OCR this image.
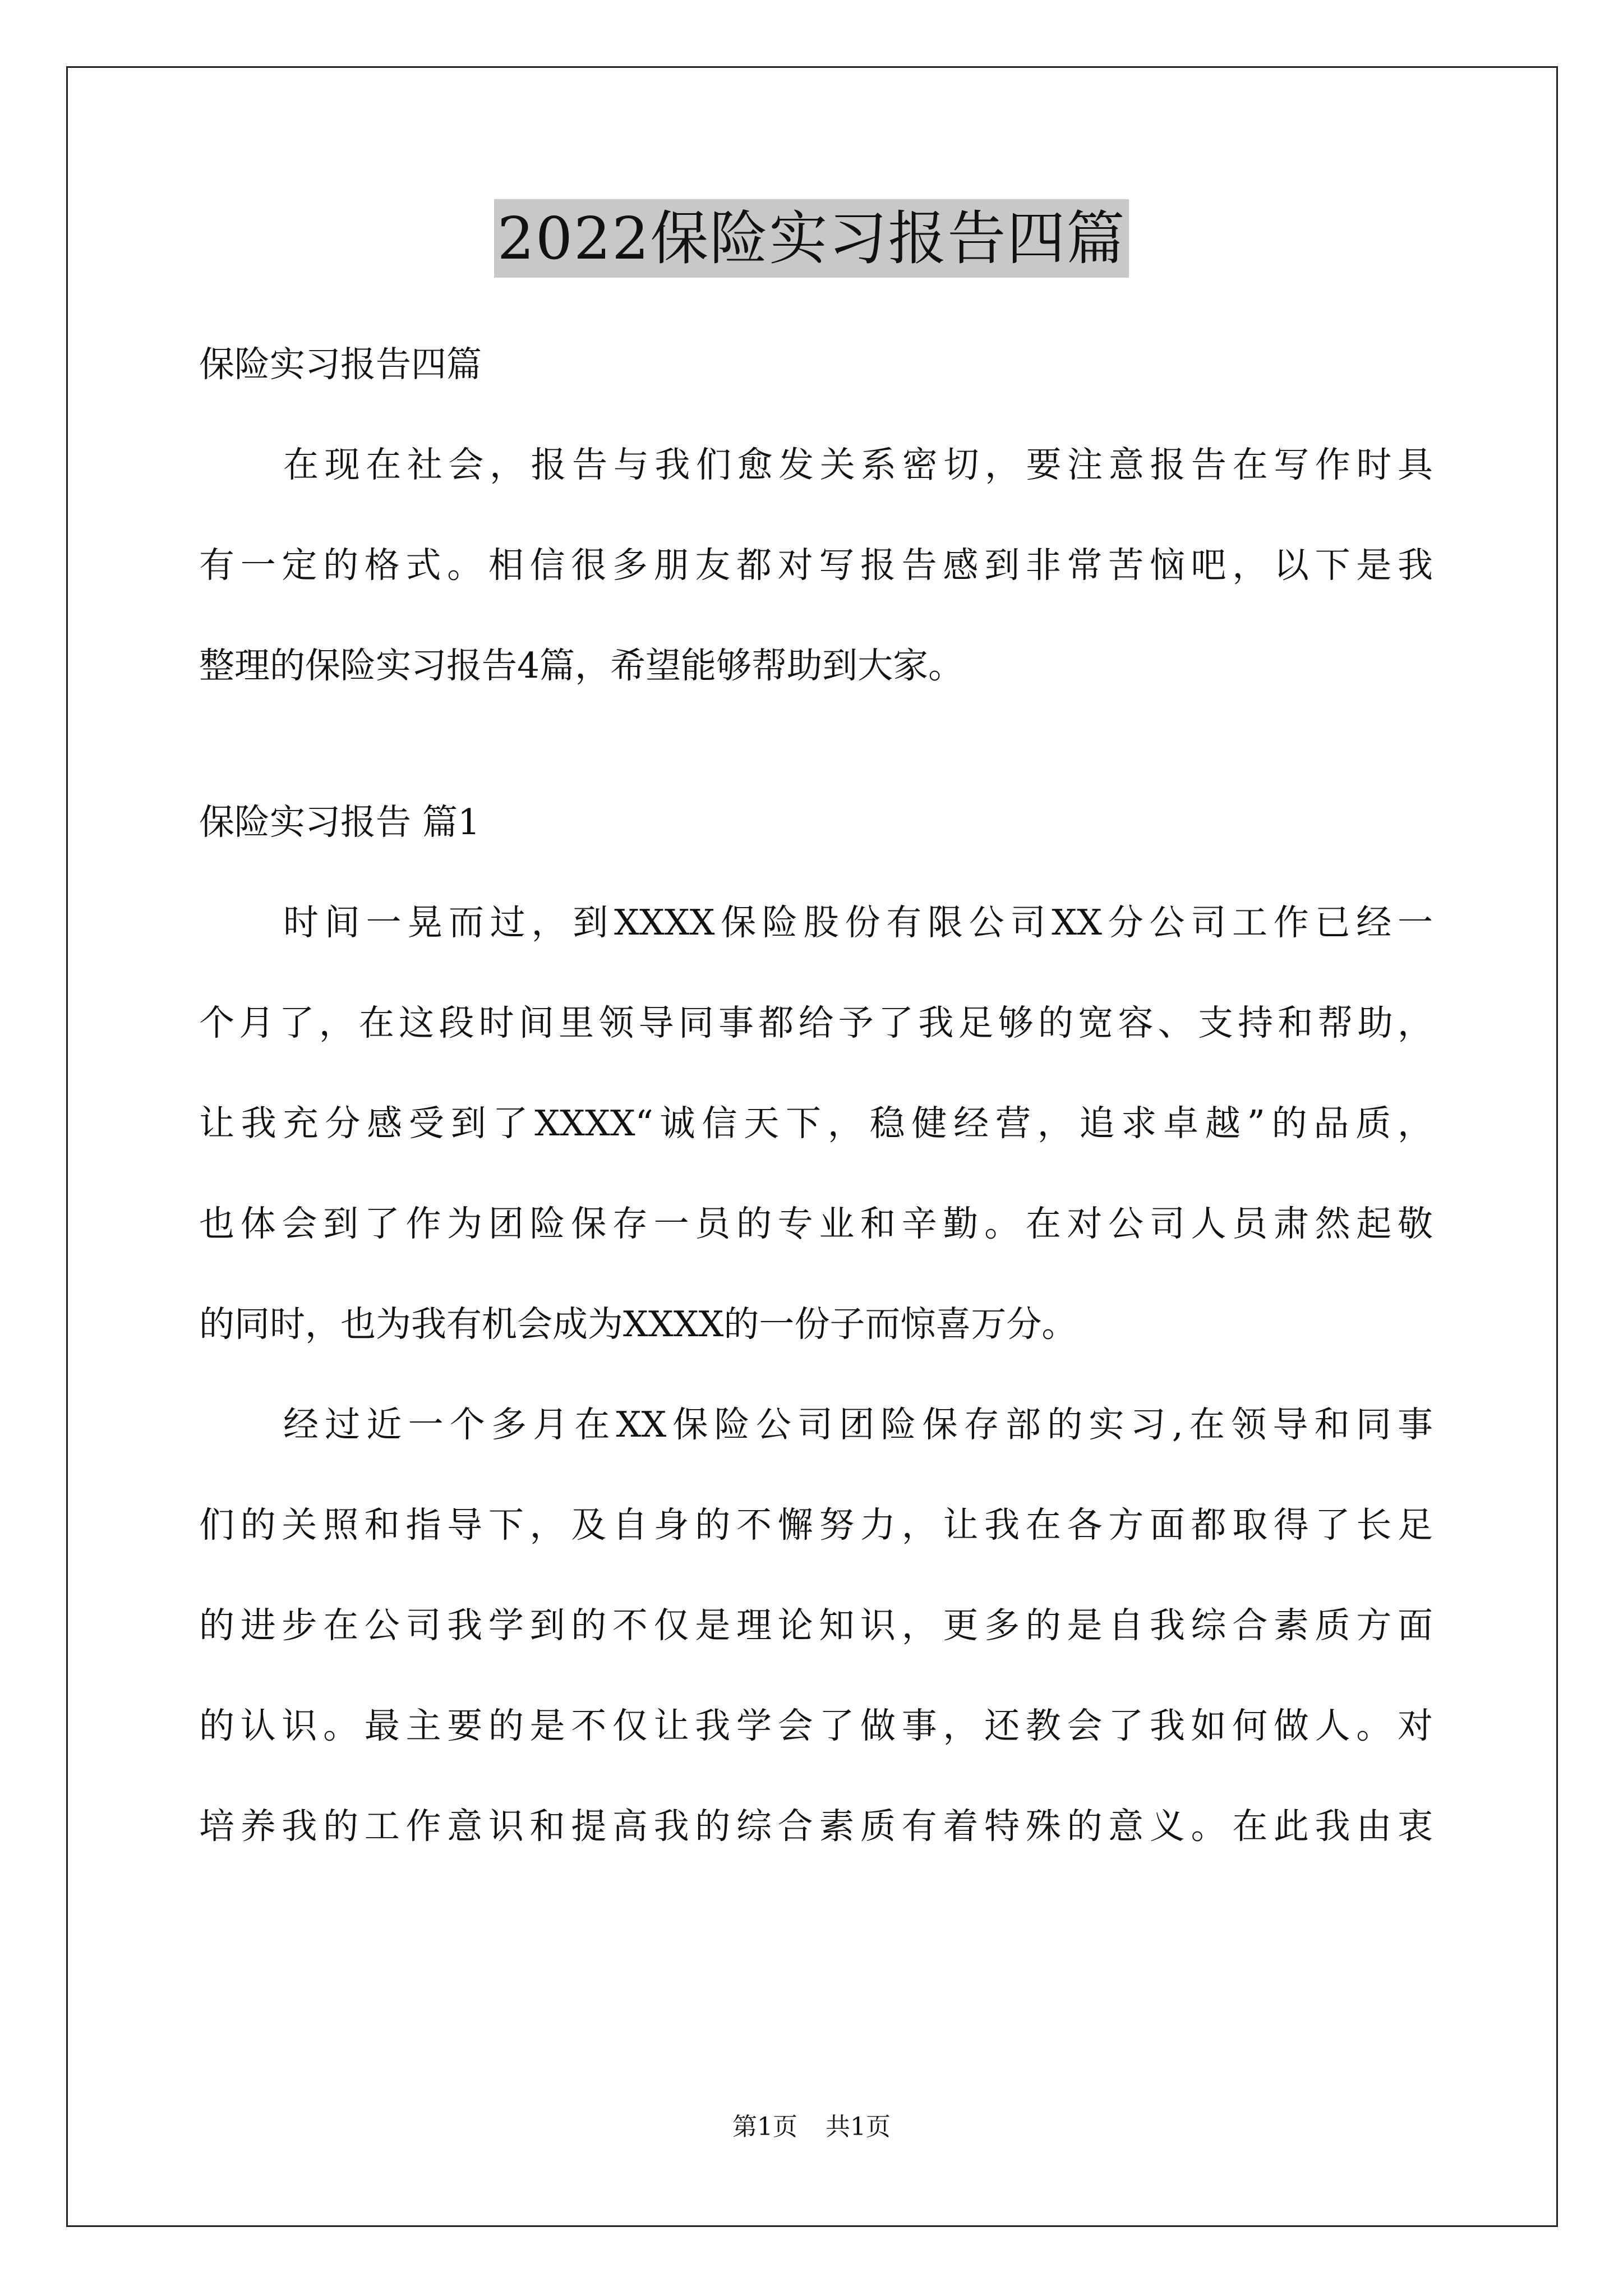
2022保险实习报告四篇
保险实习报告四篇
在现在社会，报告与我们愈发关系密切，要注意报告在写作时具
有一定的格式。相信很多朋友都对写报告感到非常苦恼吧，以下是我
整理的保险实习报告4篇，希望能够帮助到大家。
保险实习报告 篇1
时间一晃而过，到XXXX保险股份有限公司XX分公司工作已经一
个月了，在这段时间里领导同事都给予了我足够的宽容、支持和帮助，
让我充分感受到了XXXX“诚信天下，稳健经营，追求卓越”的品质，
也体会到了作为团险保存一员的专业和辛勤。在对公司人员肃然起敬
的同时，也为我有机会成为XXXX的一份子而惊喜万分。
经过近一个多月在XX保险公司团险保存部的实习,在领导和同事
们的关照和指导下，及自身的不懈努力，让我在各方面都取得了长足
的进步在公司我学到的不仅是理论知识，更多的是自我综合素质方面
的认识。最主要的是不仅让我学会了做事，还教会了我如何做人。对
培养我的工作意识和提高我的综合素质有着特殊的意义。在此我由衷
第1页 共1页
